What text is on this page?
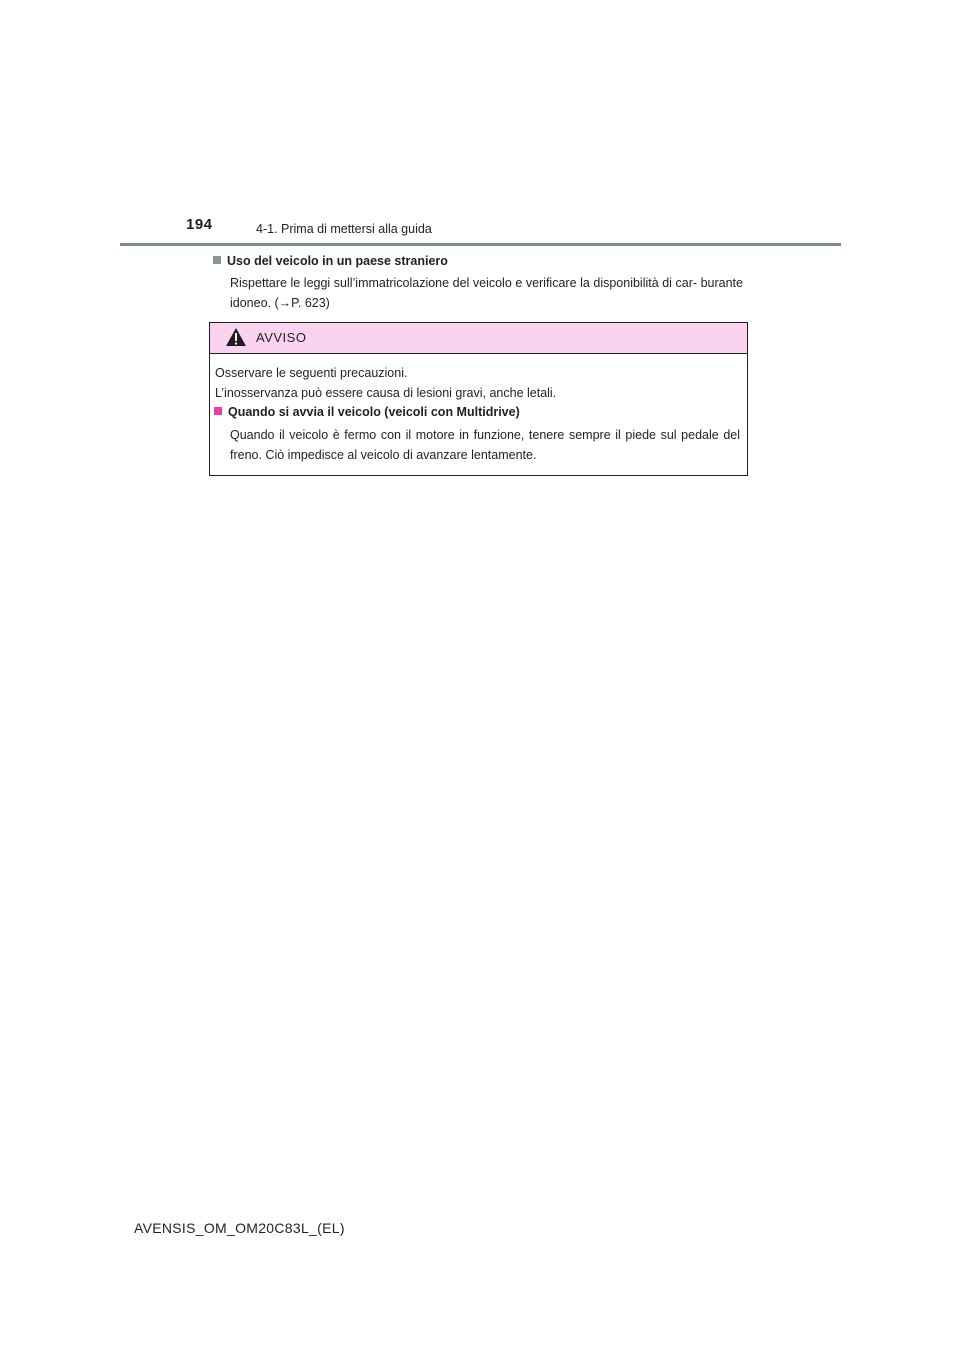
194	4-1. Prima di mettersi alla guida
Uso del veicolo in un paese straniero
Rispettare le leggi sull’immatricolazione del veicolo e verificare la disponibilità di car- burante idoneo. (→P. 623)
AVVISO
Osservare le seguenti precauzioni.
L’inosservanza può essere causa di lesioni gravi, anche letali.
Quando si avvia il veicolo (veicoli con Multidrive)
Quando il veicolo è fermo con il motore in funzione, tenere sempre il piede sul pedale del freno. Ciò impedisce al veicolo di avanzare lentamente.
AVENSIS_OM_OM20C83L_(EL)
